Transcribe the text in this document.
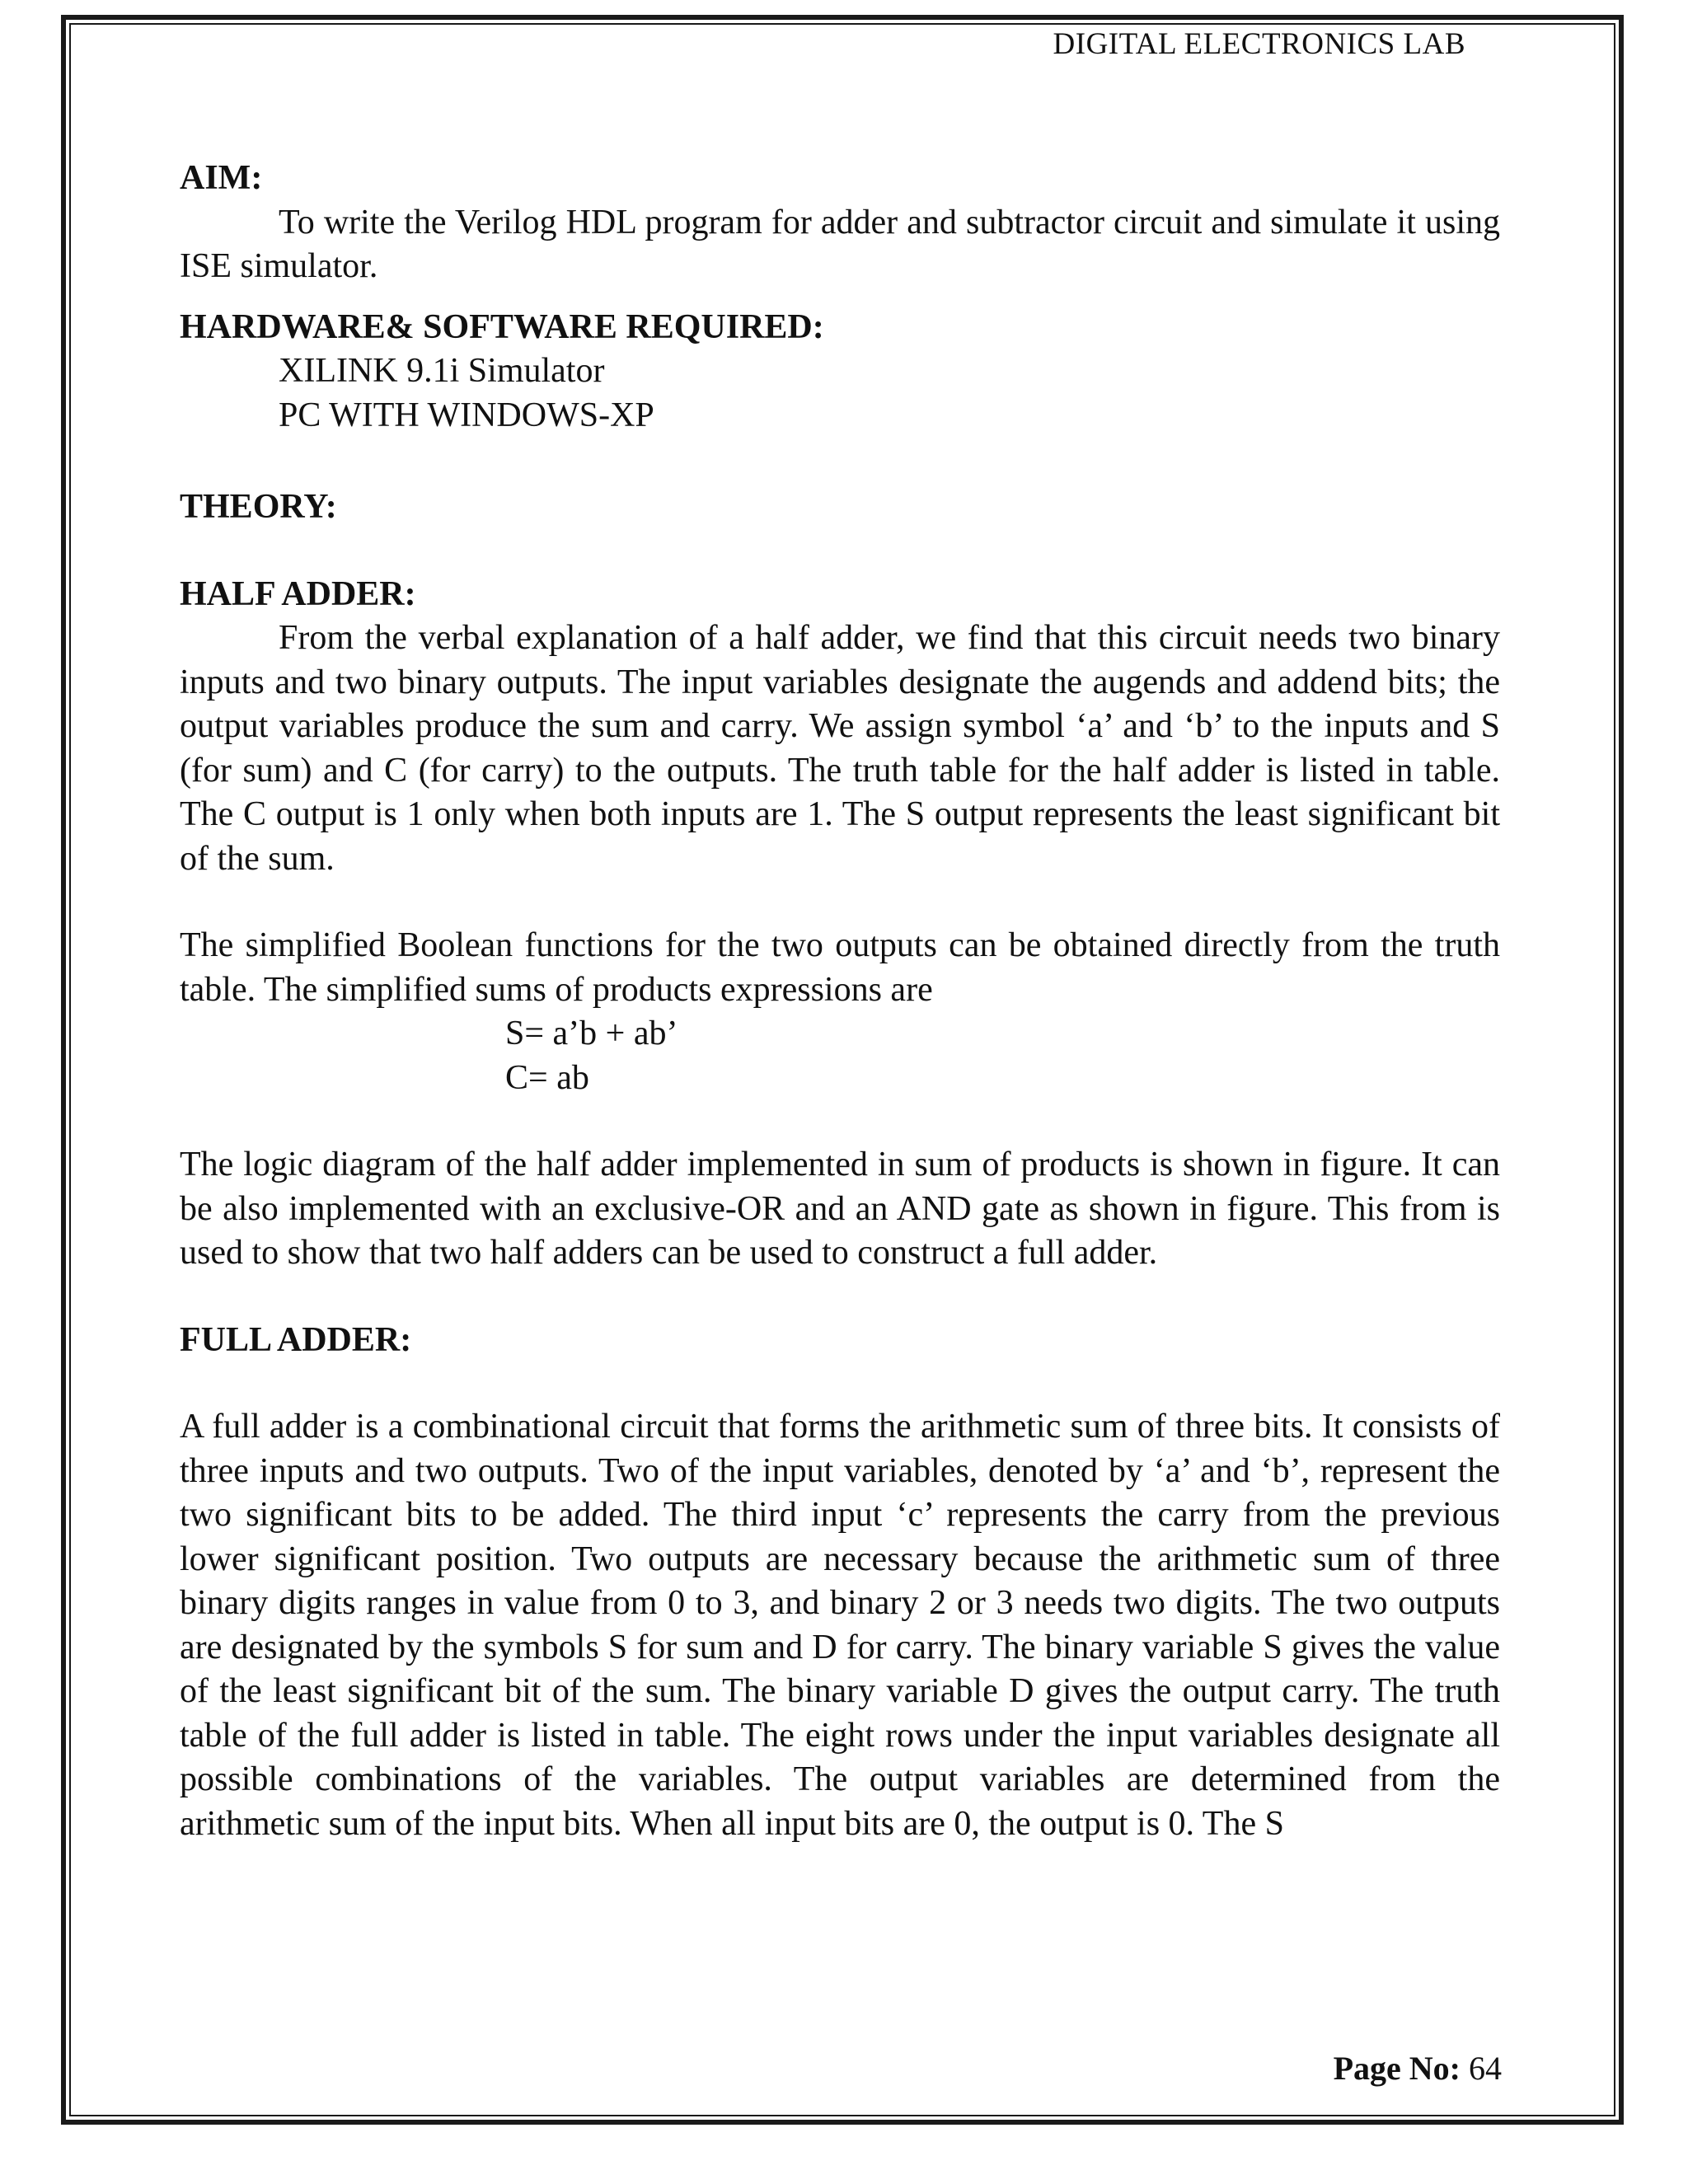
DIGITAL ELECTRONICS LAB

AIM:

To write the Verilog HDL program for adder and subtractor circuit and simulate it using ISE simulator.

HARDWARE& SOFTWARE REQUIRED:

XILINK 9.1i Simulator

PC WITH WINDOWS-XP

THEORY:

HALF ADDER:

From the verbal explanation of a half adder, we find that this circuit needs two binary inputs and two binary outputs. The input variables designate the augends and addend bits; the output variables produce the sum and carry. We assign symbol ‘a’ and ‘b’ to the inputs and S (for sum) and C (for carry) to the outputs. The truth table for the half adder is listed in table. The C output is 1 only when both inputs are 1. The S output represents the least significant bit of the sum.

The simplified Boolean functions for the two outputs can be obtained directly from the truth table. The simplified sums of products expressions are

S= a’b + ab’

C= ab

The logic diagram of the half adder implemented in sum of products is shown in figure. It can be also implemented with an exclusive-OR and an AND gate as shown in figure. This from is used to show that two half adders can be used to construct a full adder.

FULL ADDER:

A full adder is a combinational circuit that forms the arithmetic sum of three bits. It consists of three inputs and two outputs. Two of the input variables, denoted by ‘a’ and ‘b’, represent the two significant bits to be added. The third input ‘c’ represents the carry from the previous lower significant position. Two outputs are necessary because the arithmetic sum of three binary digits ranges in value from 0 to 3, and binary 2 or 3 needs two digits. The two outputs are designated by the symbols S for sum and D for carry. The binary variable S gives the value of the least significant bit of the sum. The binary variable D gives the output carry. The truth table of the full adder is listed in table. The eight rows under the input variables designate all possible combinations of the variables. The output variables are determined from the arithmetic sum of the input bits. When all input bits are 0, the output is 0. The S

Page No: 64
